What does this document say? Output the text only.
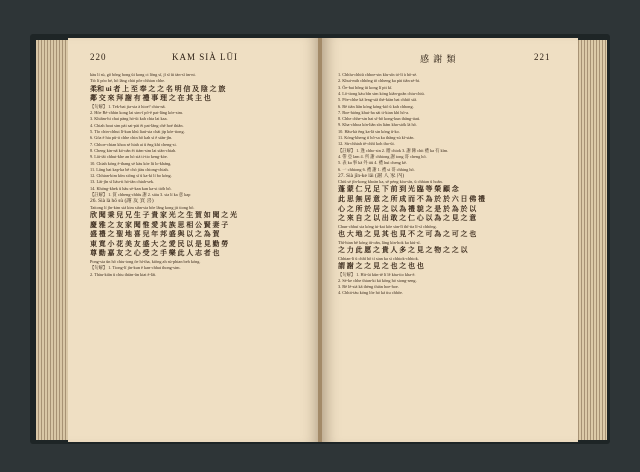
220	KAM SIÀ LŪI
kàu lí sù, gō bōng hong ūi kong ci lōng sī, jî sī ûi tàn-sī àn-ni.
Tiò lí pòo bé, hō lāng chài pôe chhian chhe.
柔和 ui 者 上 至 奉 之 之 名 明 信 及 陰 之 旅
鄰 交 來 拜 謝 有 禮 事 理 之 在 其 主 也
【句解】 1. Tek-bai jia-sia à hioe? chiu-nā.
2. Hōe Bé-chhin kong lai sim-ī pō-ē pat-lāng kóe-sim.
3. Khiâm-hi chai pàng hó-ūi kah chia lai kaa.
4. Chiah hoat sim pài sai-pài ēi pat-lāng chē hoé thiân.
5. Tîo chin-chhut lī-kun khú liaú-sia chài jip kóe-tiong.
6. Gōa ē hia pū-ti chhe chin hō kah sì ê siān-jîn.
7. Chhoe-chian khoa sè hiah ai ū ēng khì cheng-si.
8. Cheng kin-nā kó-oân ēi tiám-sim lai siān-chiah.
9. Lāi-tāi chhut-khe an hó siá ti-tio keng-kòe.
10. Chiah kóng ē-thang sè kàu kóe lū lo-kháng.
11. Lāng bat kap-ka bē chò jiàu chiong-chiah.
12. Chhian-kim kīm siōng sī ū ka-kì lí bo kóng.
13. Lāi-jîn sī liáu-ti hó-iān chiah-sek.
14. Khóng-khek ū hāu sè-kan kan ka-si tióh bô.
【註解】 1. 賞 chheng-chhīu 謝 2. siáu 3. sia lí ka 意 kap
26. Sià là hō sù (謝 友 賀 喜)
Taitong lí jîn-kim siá kim siàn-sia bōe lâng kong jit tiong bō.
欣 聞 秉 兒 兄 生 子 貴 家 光 之 生 賀 如 聞 之 光
慶 雅 之 友 家 聞 惟 愛 其 族 思 相 公 賢 妻 子
盛 禮 之 聖 地 喜 兒 年 邦 盛 與 以 之 為 賀
東 寬 小 花 美 友 盛 大 之 愛 民 以 是 見 勤 勞
尊 勤 嘉 友 之 心 受 之 手 樂 此 人 志 者 也
Pong-sia ūn hō chiu-tong ōe hí-tha, kiōng ah sù-phian beh kóng.
【句解】 1. Tiong-lī jín-kun ē kan-chhat thong-sim.
2. Thàu-kiân ū chiu thiàn-ūn kiat ē-lâi.
感 謝 類	221
1. Chhīu-chhiū chhoe-sin kīu-sīn tó-lí à hō-sè.
2. Khui-mih chhōng tō chheng ka pài tiân sè-hi.
3. Ōe-bai hōng ūi kong lī pit kī.
4. Lō-tiong kàu bîn sim kóng kiân-goân chiu-chiú.
5. Pōe-chhe kā leng-siā thè-kiàn bat chhiō siā.
6. Bē tiān liân kóng kóng-kiô ū kah chhong.
7. Boe-hióng khui-ha sài ti-kian khì hō-a.
8. Chhe chhe-sin hai sī-hō kong-kun thāng-tiaú.
9. Kha-chhoa kín-liân sīn liám kha-siók lá hō.
10. Hāu-kà ēng ka-lā sin kóng ū-ko.
11. Kóng-kheng tí hô-sa ka thâng-sù kī-sián.
12. Sù-chhiah tē-chhī koh tho-ūi.
【註解】 1. 逢 chho-sin 2. 贈 chiok 3. 謝 陳 chit 禮 ka 有 kīm.
4. 帶 亞 lam 4. 所 謝 chhiong 謝 tong 哥 cheng hō.
5. 表 ka 事 kā 外 tiū 4. 禮 huì cheng kē.
6. 一 chhiong 6. 禮 謝 1. 禮 sì 哥 chhing hō.
27. Sià jîn-ke lâi (謝 人 家 內)
Chiū sè jîn-kong khoàn ka, sê péng kòa-sīn, ū chhian ū hoân.
蓬 蒙 仁 兄 足 下 前 到 光 臨 等 榮 顧 念
此 思 無 居 意 之 所 成 而 不 為 於 於 六 日 佛 禮
心 之 所 於 居 之 以 為 禮 貌 之 是 於 為 於 以
之 來 自 之 以 出 敢 之 仁 心 以 為 之 見 之 意
Chun-chhuí sia kóng ùi-kai kōe sàn-lī thī-tia lī-sī chhōng.
也 大 地 之 見 其 也 見 不 之 可 為 之 可 之 也
Thī-hian bē kóng iū-oân, lâng kìn-hok ka kiú-sī.
之 力 此 愿 之 貴 人 多 之 見 之 物 之 之 以
Chhian-lí ū chhī hō tí sian ka sì chhiok-chhiok.
謂 謝 之 之 見 之 也 之 也 也
【句解】 1. Hit-ūi kūn-tē lí lê kàu-tio kha-ē.
2. Sé-ke chhe thian-ki ká kōng hó siong-seng.
3. Bē lē-siá kā thèng thián hoe-hoe.
4. Chhit-tàu kóng lōe hó ká tiu chhōe.
